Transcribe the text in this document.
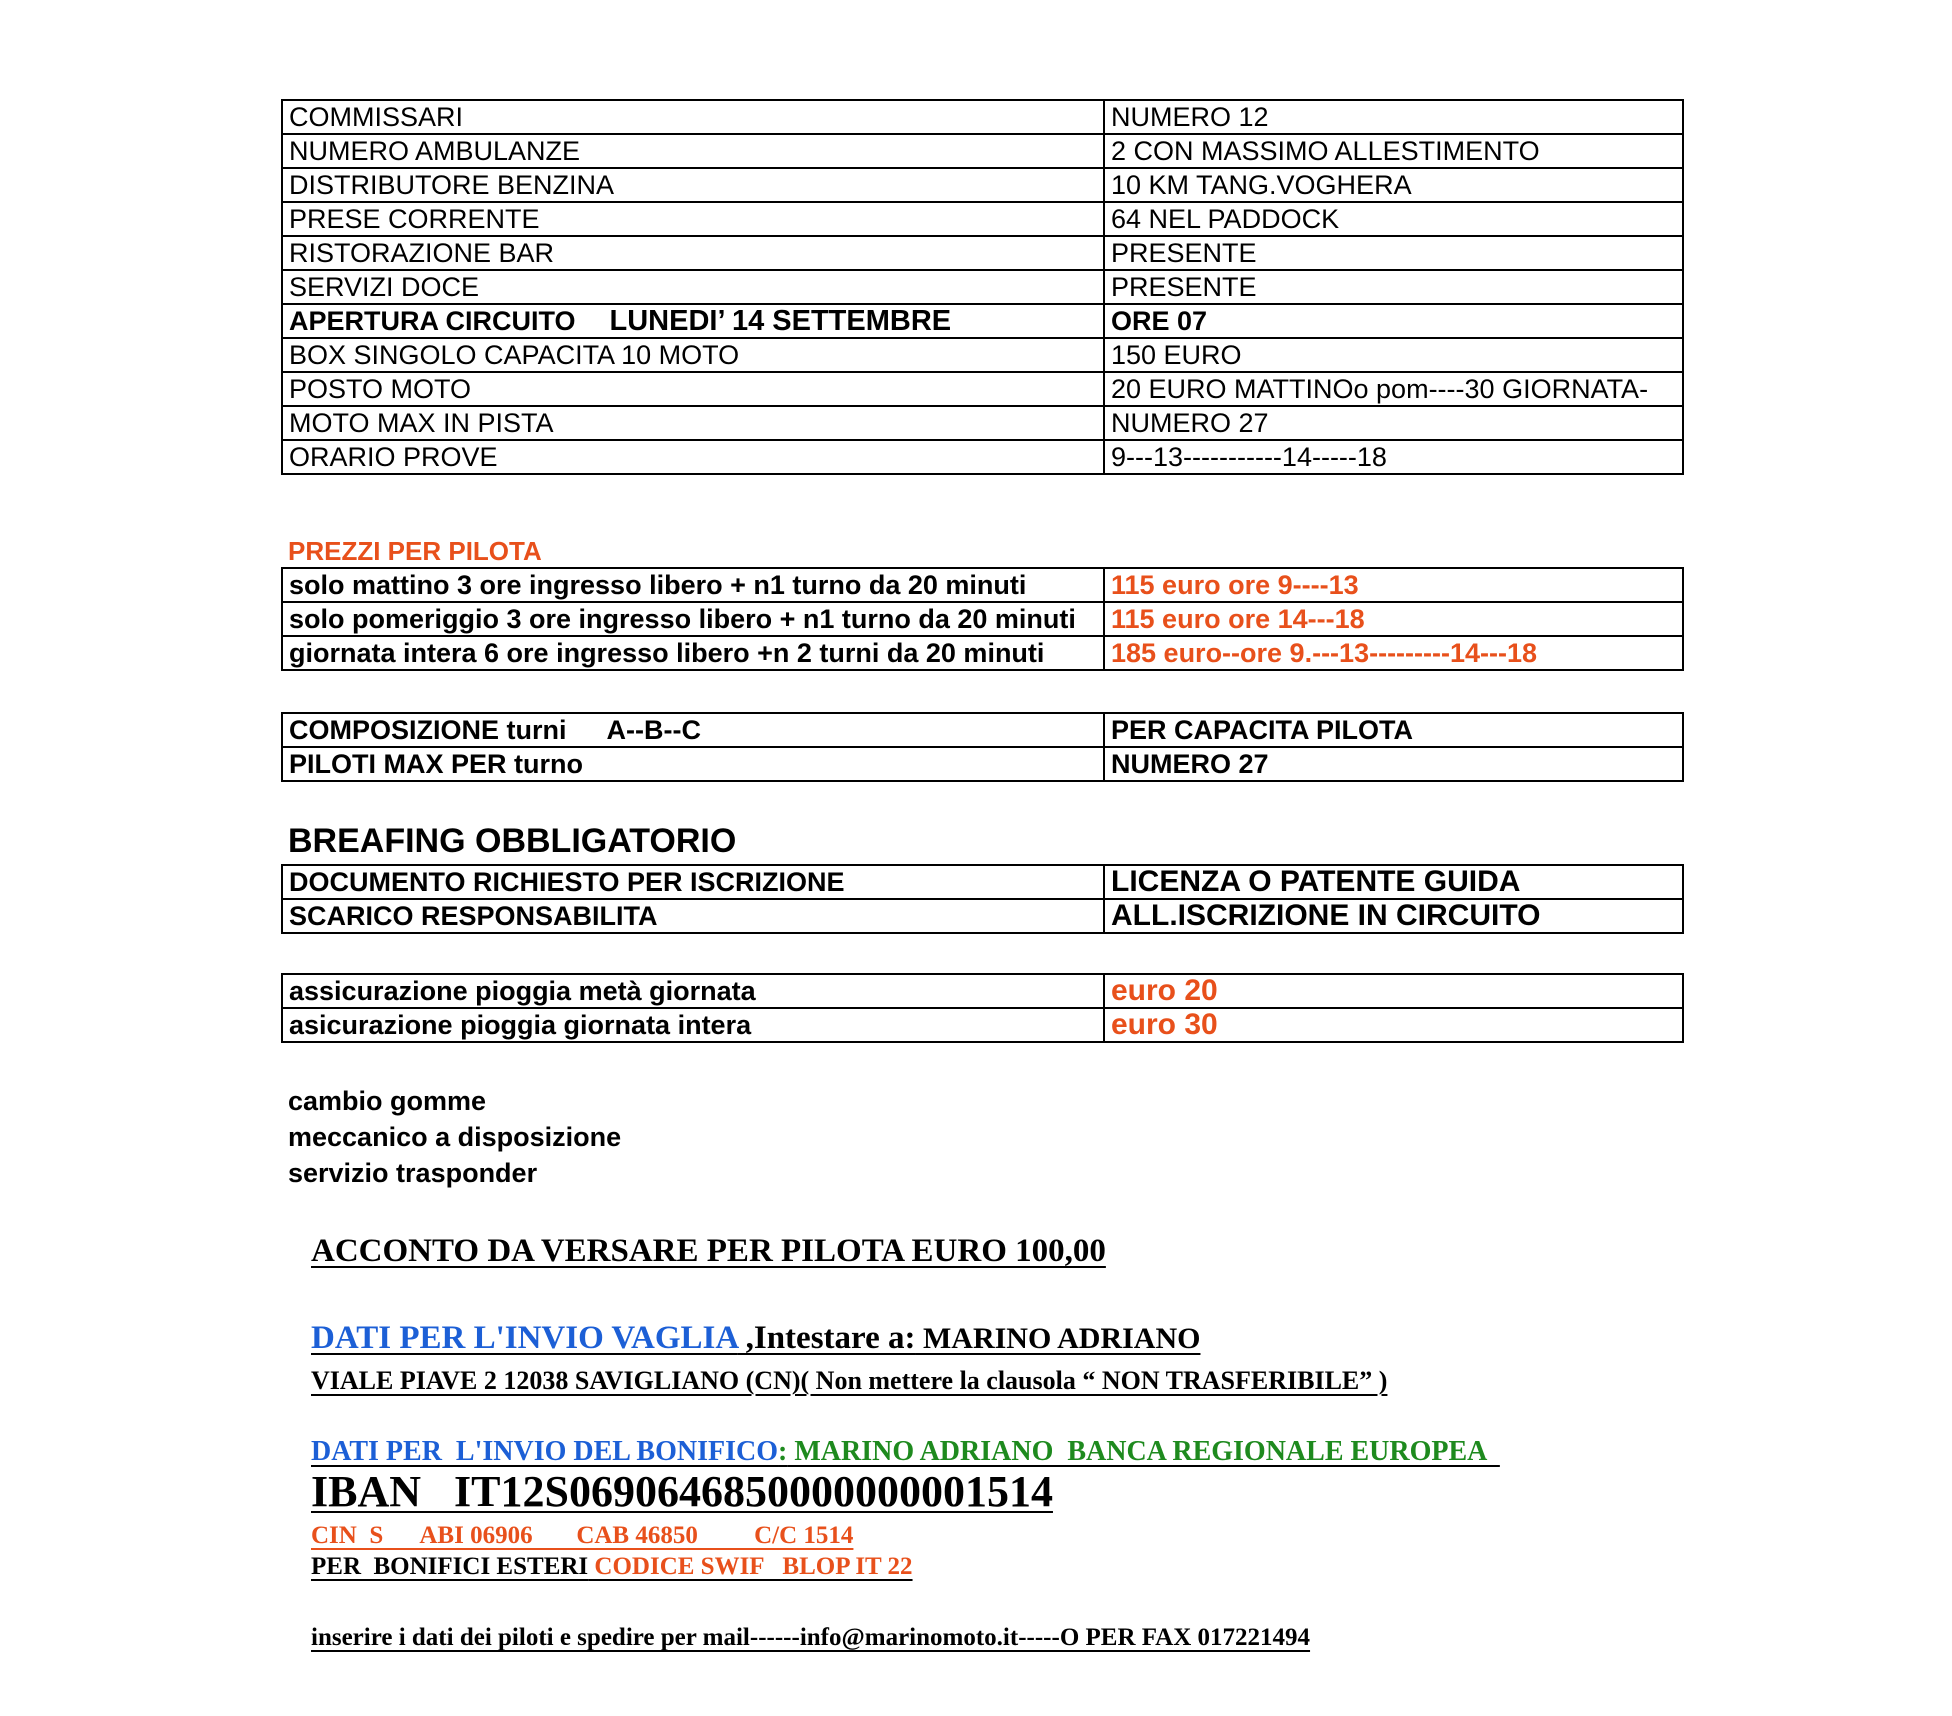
COMMISSARI	NUMERO 12
NUMERO AMBULANZE	2 CON MASSIMO ALLESTIMENTO
DISTRIBUTORE BENZINA	10 KM TANG.VOGHERA
PRESE CORRENTE	64 NEL PADDOCK
RISTORAZIONE BAR	PRESENTE
SERVIZI DOCE	PRESENTE
APERTURA CIRCUITO LUNEDI’ 14 SETTEMBRE	ORE 07
BOX SINGOLO CAPACITA 10 MOTO	150 EURO
POSTO MOTO	20 EURO MATTINOo pom----30 GIORNATA-
MOTO MAX IN PISTA	NUMERO 27
ORARIO PROVE	9---13-----------14-----18
PREZZI PER PILOTA
solo mattino 3 ore ingresso libero + n1 turno da 20 minuti	115 euro ore 9----13
solo pomeriggio 3 ore ingresso libero + n1 turno da 20 minuti	115 euro ore 14---18
giornata intera 6 ore ingresso libero +n 2 turni da 20 minuti	185 euro--ore 9.---13---------14---18
COMPOSIZIONE turni A--B--C	PER CAPACITA PILOTA
PILOTI MAX PER turno	NUMERO 27
BREAFING OBBLIGATORIO
DOCUMENTO RICHIESTO PER ISCRIZIONE	LICENZA O PATENTE GUIDA
SCARICO RESPONSABILITA	ALL.ISCRIZIONE IN CIRCUITO
assicurazione pioggia metà giornata	euro 20
asicurazione pioggia giornata intera	euro 30
cambio gomme
meccanico a disposizione
servizio trasponder
ACCONTO DA VERSARE PER PILOTA EURO 100,00
DATI PER L'INVIO VAGLIA ,Intestare a: MARINO ADRIANO
VIALE PIAVE 2 12038 SAVIGLIANO (CN)( Non mettere la clausola “ NON TRASFERIBILE” )
DATI PER  L'INVIO DEL BONIFICO: MARINO ADRIANO  BANCA REGIONALE EUROPEA
IBAN   IT12S0690646850000000001514
CIN  S      ABI 06906       CAB 46850         C/C 1514
PER  BONIFICI ESTERI CODICE SWIF   BLOP IT 22
inserire i dati dei piloti e spedire per mail------info@marinomoto.it-----O PER FAX 017221494
